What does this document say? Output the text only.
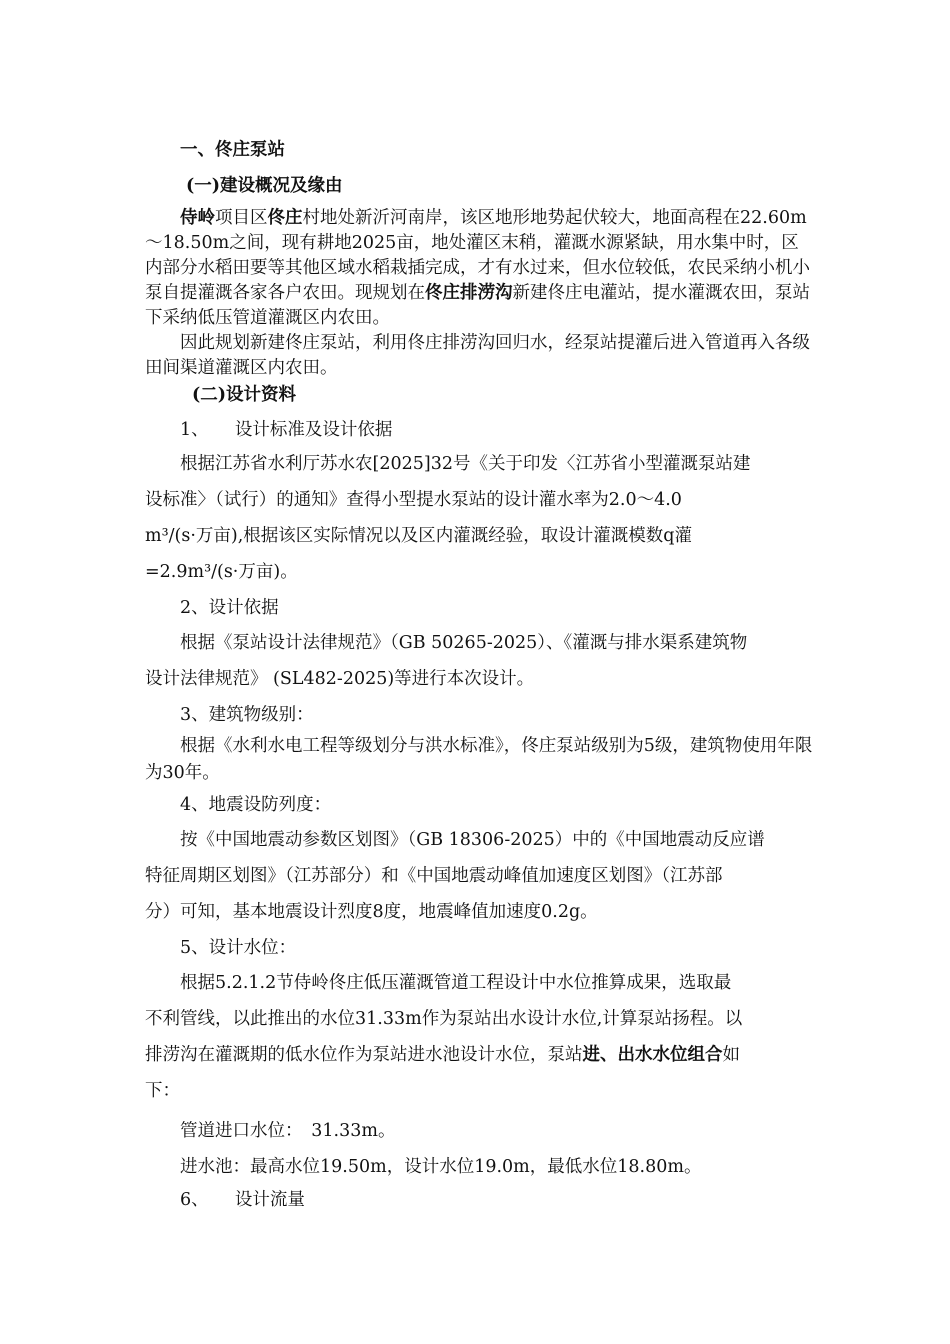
一、佟庄泵站
(一)建设概况及缘由
侍岭项目区佟庄村地处新沂河南岸，该区地形地势起伏较大，地面高程在22.60m～18.50m之间，现有耕地2025亩，地处灌区末稍，灌溉水源紧缺，用水集中时，区内部分水稻田要等其他区域水稻栽插完成，才有水过来，但水位较低，农民采纳小机小泵自提灌溉各家各户农田。现规划在佟庄排涝沟新建佟庄电灌站，提水灌溉农田，泵站下采纳低压管道灌溉区内农田。
因此规划新建佟庄泵站，利用佟庄排涝沟回归水，经泵站提灌后进入管道再入各级田间渠道灌溉区内农田。
(二)设计资料
1、　　设计标准及设计依据
根据江苏省水利厅苏水农[2025]32号《关于印发〈江苏省小型灌溉泵站建
设标准〉（试行）的通知》查得小型提水泵站的设计灌水率为2.0～4.0
m³/(s·万亩),根据该区实际情况以及区内灌溉经验，取设计灌溉模数q灌
=2.9m³/(s·万亩)。
2、设计依据
根据《泵站设计法律规范》（GB 50265-2025）、《灌溉与排水渠系建筑物
设计法律规范》 (SL482-2025)等进行本次设计。
3、建筑物级别：
根据《水利水电工程等级划分与洪水标准》，佟庄泵站级别为5级，建筑物使用年限为30年。
4、地震设防列度：
按《中国地震动参数区划图》（GB 18306-2025）中的《中国地震动反应谱
特征周期区划图》（江苏部分）和《中国地震动峰值加速度区划图》（江苏部
分）可知，基本地震设计烈度8度，地震峰值加速度0.2g。
5、设计水位：
根据5.2.1.2节侍岭佟庄低压灌溉管道工程设计中水位推算成果，选取最
不利管线，以此推出的水位31.33m作为泵站出水设计水位,计算泵站扬程。以
排涝沟在灌溉期的低水位作为泵站进水池设计水位，泵站进、出水水位组合如
下：
管道进口水位：　31.33m。
进水池：最高水位19.50m，设计水位19.0m，最低水位18.80m。
6、　　设计流量
